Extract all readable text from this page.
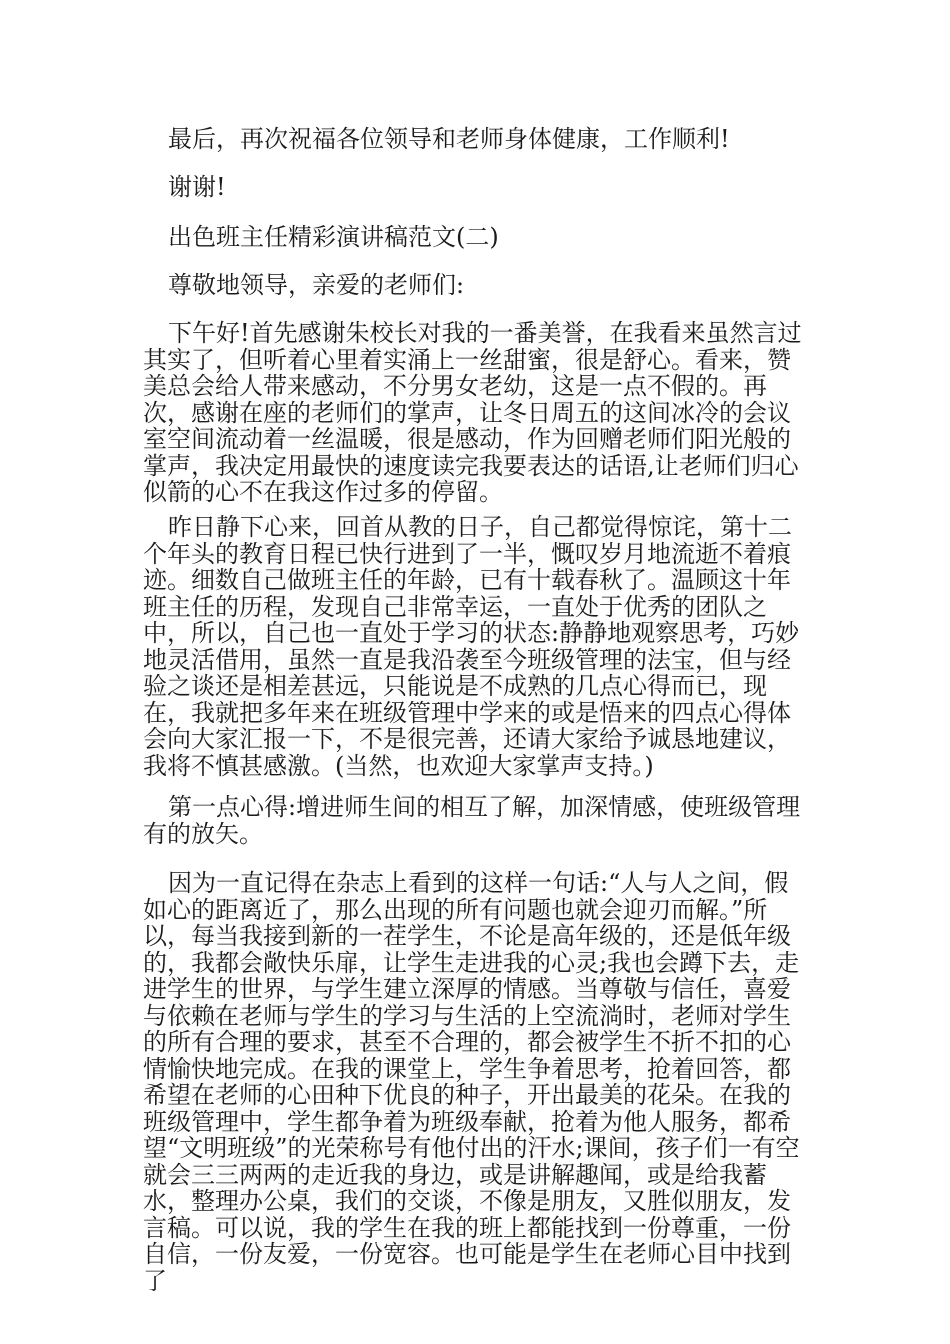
最后，再次祝福各位领导和老师身体健康，工作顺利!

谢谢!

出色班主任精彩演讲稿范文(二)

尊敬地领导，亲爱的老师们:

下午好!首先感谢朱校长对我的一番美誉，在我看来虽然言过其实了，但听着心里着实涌上一丝甜蜜，很是舒心。看来，赞美总会给人带来感动，不分男女老幼，这是一点不假的。再次，感谢在座的老师们的掌声，让冬日周五的这间冰冷的会议室空间流动着一丝温暖，很是感动，作为回赠老师们阳光般的掌声，我决定用最快的速度读完我要表达的话语,让老师们归心似箭的心不在我这作过多的停留。

昨日静下心来，回首从教的日子，自己都觉得惊诧，第十二个年头的教育日程已快行进到了一半，慨叹岁月地流逝不着痕迹。细数自己做班主任的年龄，已有十载春秋了。温顾这十年班主任的历程，发现自己非常幸运，一直处于优秀的团队之中，所以，自己也一直处于学习的状态:静静地观察思考，巧妙地灵活借用，虽然一直是我沿袭至今班级管理的法宝，但与经验之谈还是相差甚远，只能说是不成熟的几点心得而已，现在，我就把多年来在班级管理中学来的或是悟来的四点心得体会向大家汇报一下，不是很完善，还请大家给予诚恳地建议，我将不慎甚感激。(当然，也欢迎大家掌声支持。)

第一点心得:增进师生间的相互了解，加深情感，使班级管理有的放矢。

因为一直记得在杂志上看到的这样一句话:“人与人之间，假如心的距离近了，那么出现的所有问题也就会迎刃而解。”所以，每当我接到新的一茬学生，不论是高年级的，还是低年级的，我都会敞快乐扉，让学生走进我的心灵;我也会蹲下去，走进学生的世界，与学生建立深厚的情感。当尊敬与信任，喜爱与依赖在老师与学生的学习与生活的上空流淌时，老师对学生的所有合理的要求，甚至不合理的，都会被学生不折不扣的心情愉快地完成。在我的课堂上，学生争着思考，抢着回答，都希望在老师的心田种下优良的种子，开出最美的花朵。在我的班级管理中，学生都争着为班级奉献，抢着为他人服务，都希望“文明班级”的光荣称号有他付出的汗水;课间，孩子们一有空就会三三两两的走近我的身边，或是讲解趣闻，或是给我蓄水，整理办公桌，我们的交谈，不像是朋友，又胜似朋友，发言稿。可以说，我的学生在我的班上都能找到一份尊重，一份自信，一份友爱，一份宽容。也可能是学生在老师心目中找到了
